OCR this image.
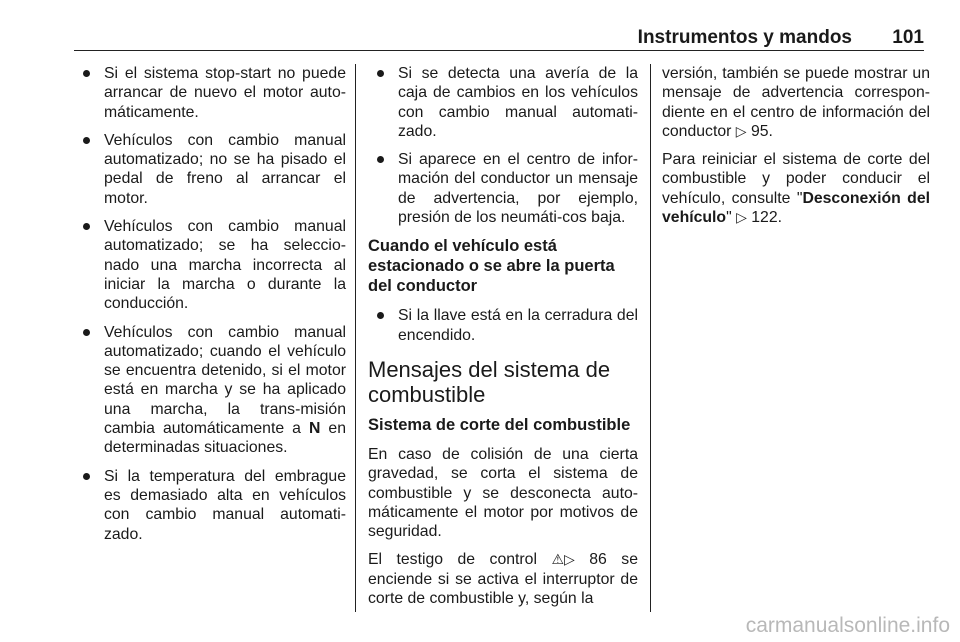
Instrumentos y mandos 101
Si el sistema stop-start no puede arrancar de nuevo el motor auto-máticamente.
Vehículos con cambio manual automatizado; no se ha pisado el pedal de freno al arrancar el motor.
Vehículos con cambio manual automatizado; se ha seleccio-nado una marcha incorrecta al iniciar la marcha o durante la conducción.
Vehículos con cambio manual automatizado; cuando el vehículo se encuentra detenido, si el motor está en marcha y se ha aplicado una marcha, la trans-misión cambia automáticamente a N en determinadas situaciones.
Si la temperatura del embrague es demasiado alta en vehículos con cambio manual automati-zado.
Si se detecta una avería de la caja de cambios en los vehículos con cambio manual automati-zado.
Si aparece en el centro de infor-mación del conductor un mensaje de advertencia, por ejemplo, presión de los neumáti-cos baja.
Cuando el vehículo está estacionado o se abre la puerta del conductor
Si la llave está en la cerradura del encendido.
Mensajes del sistema de combustible
Sistema de corte del combustible

En caso de colisión de una cierta gravedad, se corta el sistema de combustible y se desconecta auto-máticamente el motor por motivos de seguridad.

El testigo de control ⚠▷ 86 se enciende si se activa el interruptor de corte de combustible y, según la

versión, también se puede mostrar un mensaje de advertencia correspon-diente en el centro de información del conductor ▷ 95.

Para reiniciar el sistema de corte del combustible y poder conducir el vehículo, consulte "Desconexión del vehículo" ▷ 122.

carmanualsonline.info
